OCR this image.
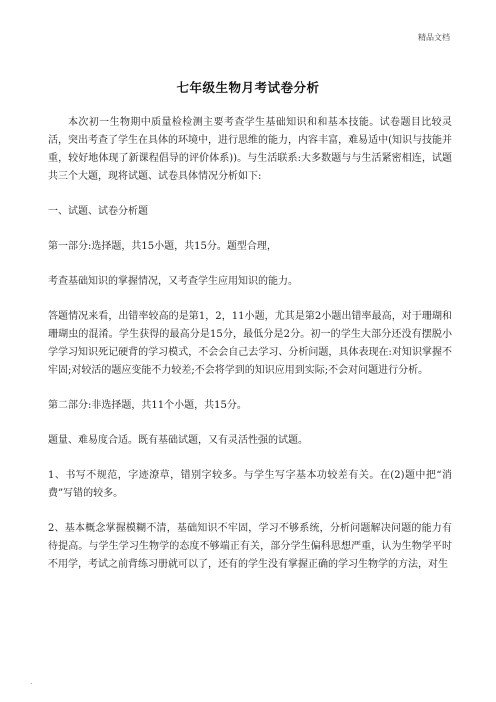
精品文档
七年级生物月考试卷分析

本次初一生物期中质量检检测主要考查学生基础知识和和基本技能。试卷题目比较灵活，突出考查了学生在具体的环境中，进行思维的能力，内容丰富，难易适中(知识与技能并重，较好地体现了新课程倡导的评价体系))。与生活联系:大多数题与与生活紧密相连，试题共三个大题，现将试题、试卷具体情况分析如下:

一、试题、试卷分析题

第一部分:选择题，共15小题，共15分。题型合理，

考查基础知识的掌握情况，又考查学生应用知识的能力。

答题情况来看，出错率较高的是第1，2，11小题，尤其是第2小题出错率最高，对于珊瑚和珊瑚虫的混淆。学生获得的最高分是15分，最低分是2分。初一的学生大部分还没有摆脱小学学习知识死记硬背的学习模式，不会会自己去学习、分析问题，具体表现在:对知识掌握不牢固;对较活的题应变能不力较差;不会将学到的知识应用到实际;不会对问题进行分析。

第二部分:非选择题，共11个小题，共15分。

题量、难易度合适。既有基础试题，又有灵活性强的试题。

1、书写不规范，字迹潦草，错别字较多。与学生写字基本功较差有关。在(2)题中把“消费”写错的较多。

2、基本概念掌握模糊不清，基础知识不牢固，学习不够系统，分析问题解决问题的能力有待提高。与学生学习生物学的态度不够端正有关，部分学生偏科思想严重，认为生物学平时不用学，考试之前背练习册就可以了，还有的学生没有掌握正确的学习生物学的方法，对生

.
